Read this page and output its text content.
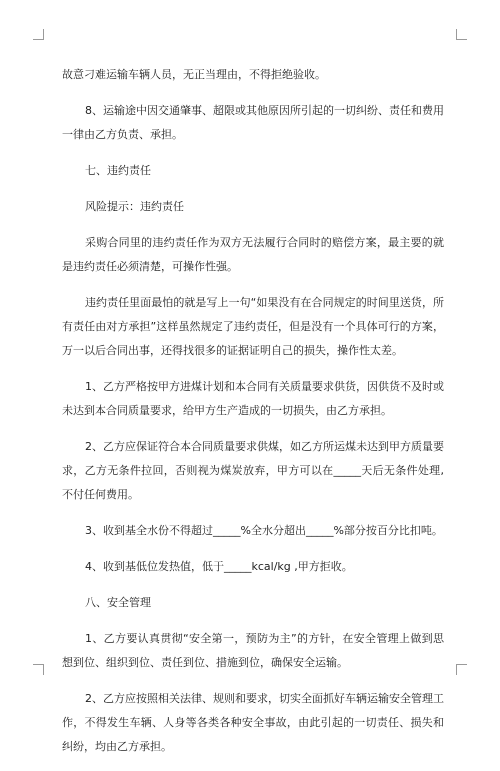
故意刁难运输车辆人员，无正当理由，不得拒绝验收。

8、运输途中因交通肇事、超限或其他原因所引起的一切纠纷、责任和费用一律由乙方负责、承担。

七、违约责任

风险提示：违约责任

采购合同里的违约责任作为双方无法履行合同时的赔偿方案，最主要的就是违约责任必须清楚，可操作性强。

违约责任里面最怕的就是写上一句“如果没有在合同规定的时间里送货，所有责任由对方承担”这样虽然规定了违约责任，但是没有一个具体可行的方案，万一以后合同出事，还得找很多的证据证明自己的损失，操作性太差。

1、乙方严格按甲方进煤计划和本合同有关质量要求供货，因供货不及时或未达到本合同质量要求，给甲方生产造成的一切损失，由乙方承担。

2、乙方应保证符合本合同质量要求供煤，如乙方所运煤未达到甲方质量要求，乙方无条件拉回，否则视为煤炭放弃，甲方可以在_____天后无条件处理,不付任何费用。

3、收到基全水份不得超过_____%全水分超出_____%部分按百分比扣吨。

4、收到基低位发热值，低于_____kcal/kg ,甲方拒收。

八、安全管理

1、乙方要认真贯彻“安全第一，预防为主”的方针，在安全管理上做到思想到位、组织到位、责任到位、措施到位，确保安全运输。

2、乙方应按照相关法律、规则和要求，切实全面抓好车辆运输安全管理工作，不得发生车辆、人身等各类各种安全事故，由此引起的一切责任、损失和纠纷，均由乙方承担。
